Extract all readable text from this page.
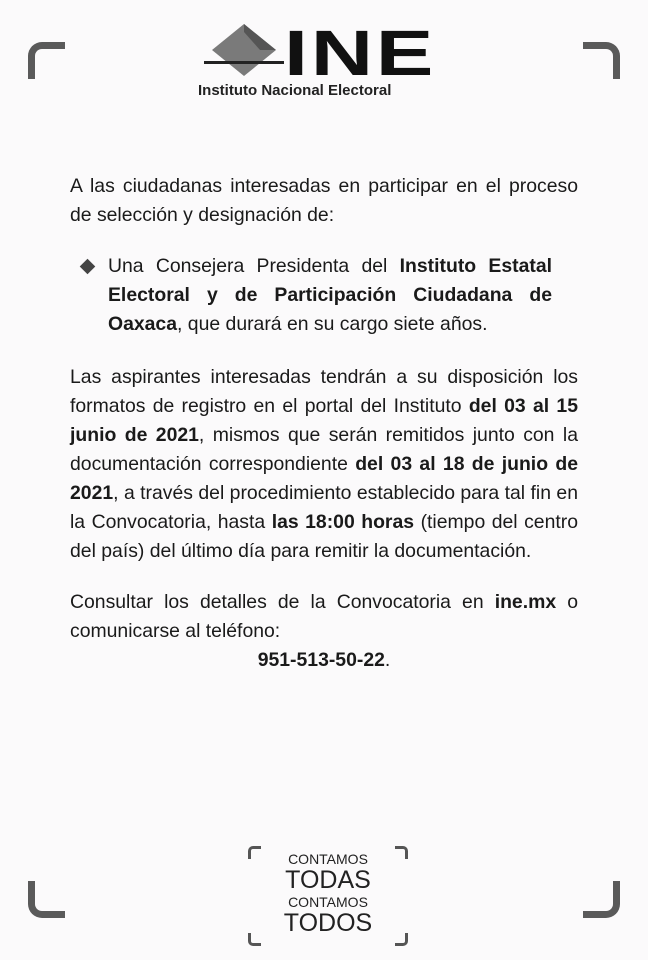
INE
Instituto Nacional Electoral

A las ciudadanas interesadas en participar en el proceso de selección y designación de:

Una Consejera Presidenta del Instituto Estatal Electoral y de Participación Ciudadana de Oaxaca, que durará en su cargo siete años.

Las aspirantes interesadas tendrán a su disposición los formatos de registro en el portal del Instituto del 03 al 15 junio de 2021, mismos que serán remitidos junto con la documentación correspondiente del 03 al 18 de junio de 2021, a través del procedimiento establecido para tal fin en la Convocatoria, hasta las 18:00 horas (tiempo del centro del país) del último día para remitir la documentación.

Consultar los detalles de la Convocatoria en ine.mx o comunicarse al teléfono:

951-513-50-22.
CONTAMOS
TODAS
CONTAMOS
TODOS
